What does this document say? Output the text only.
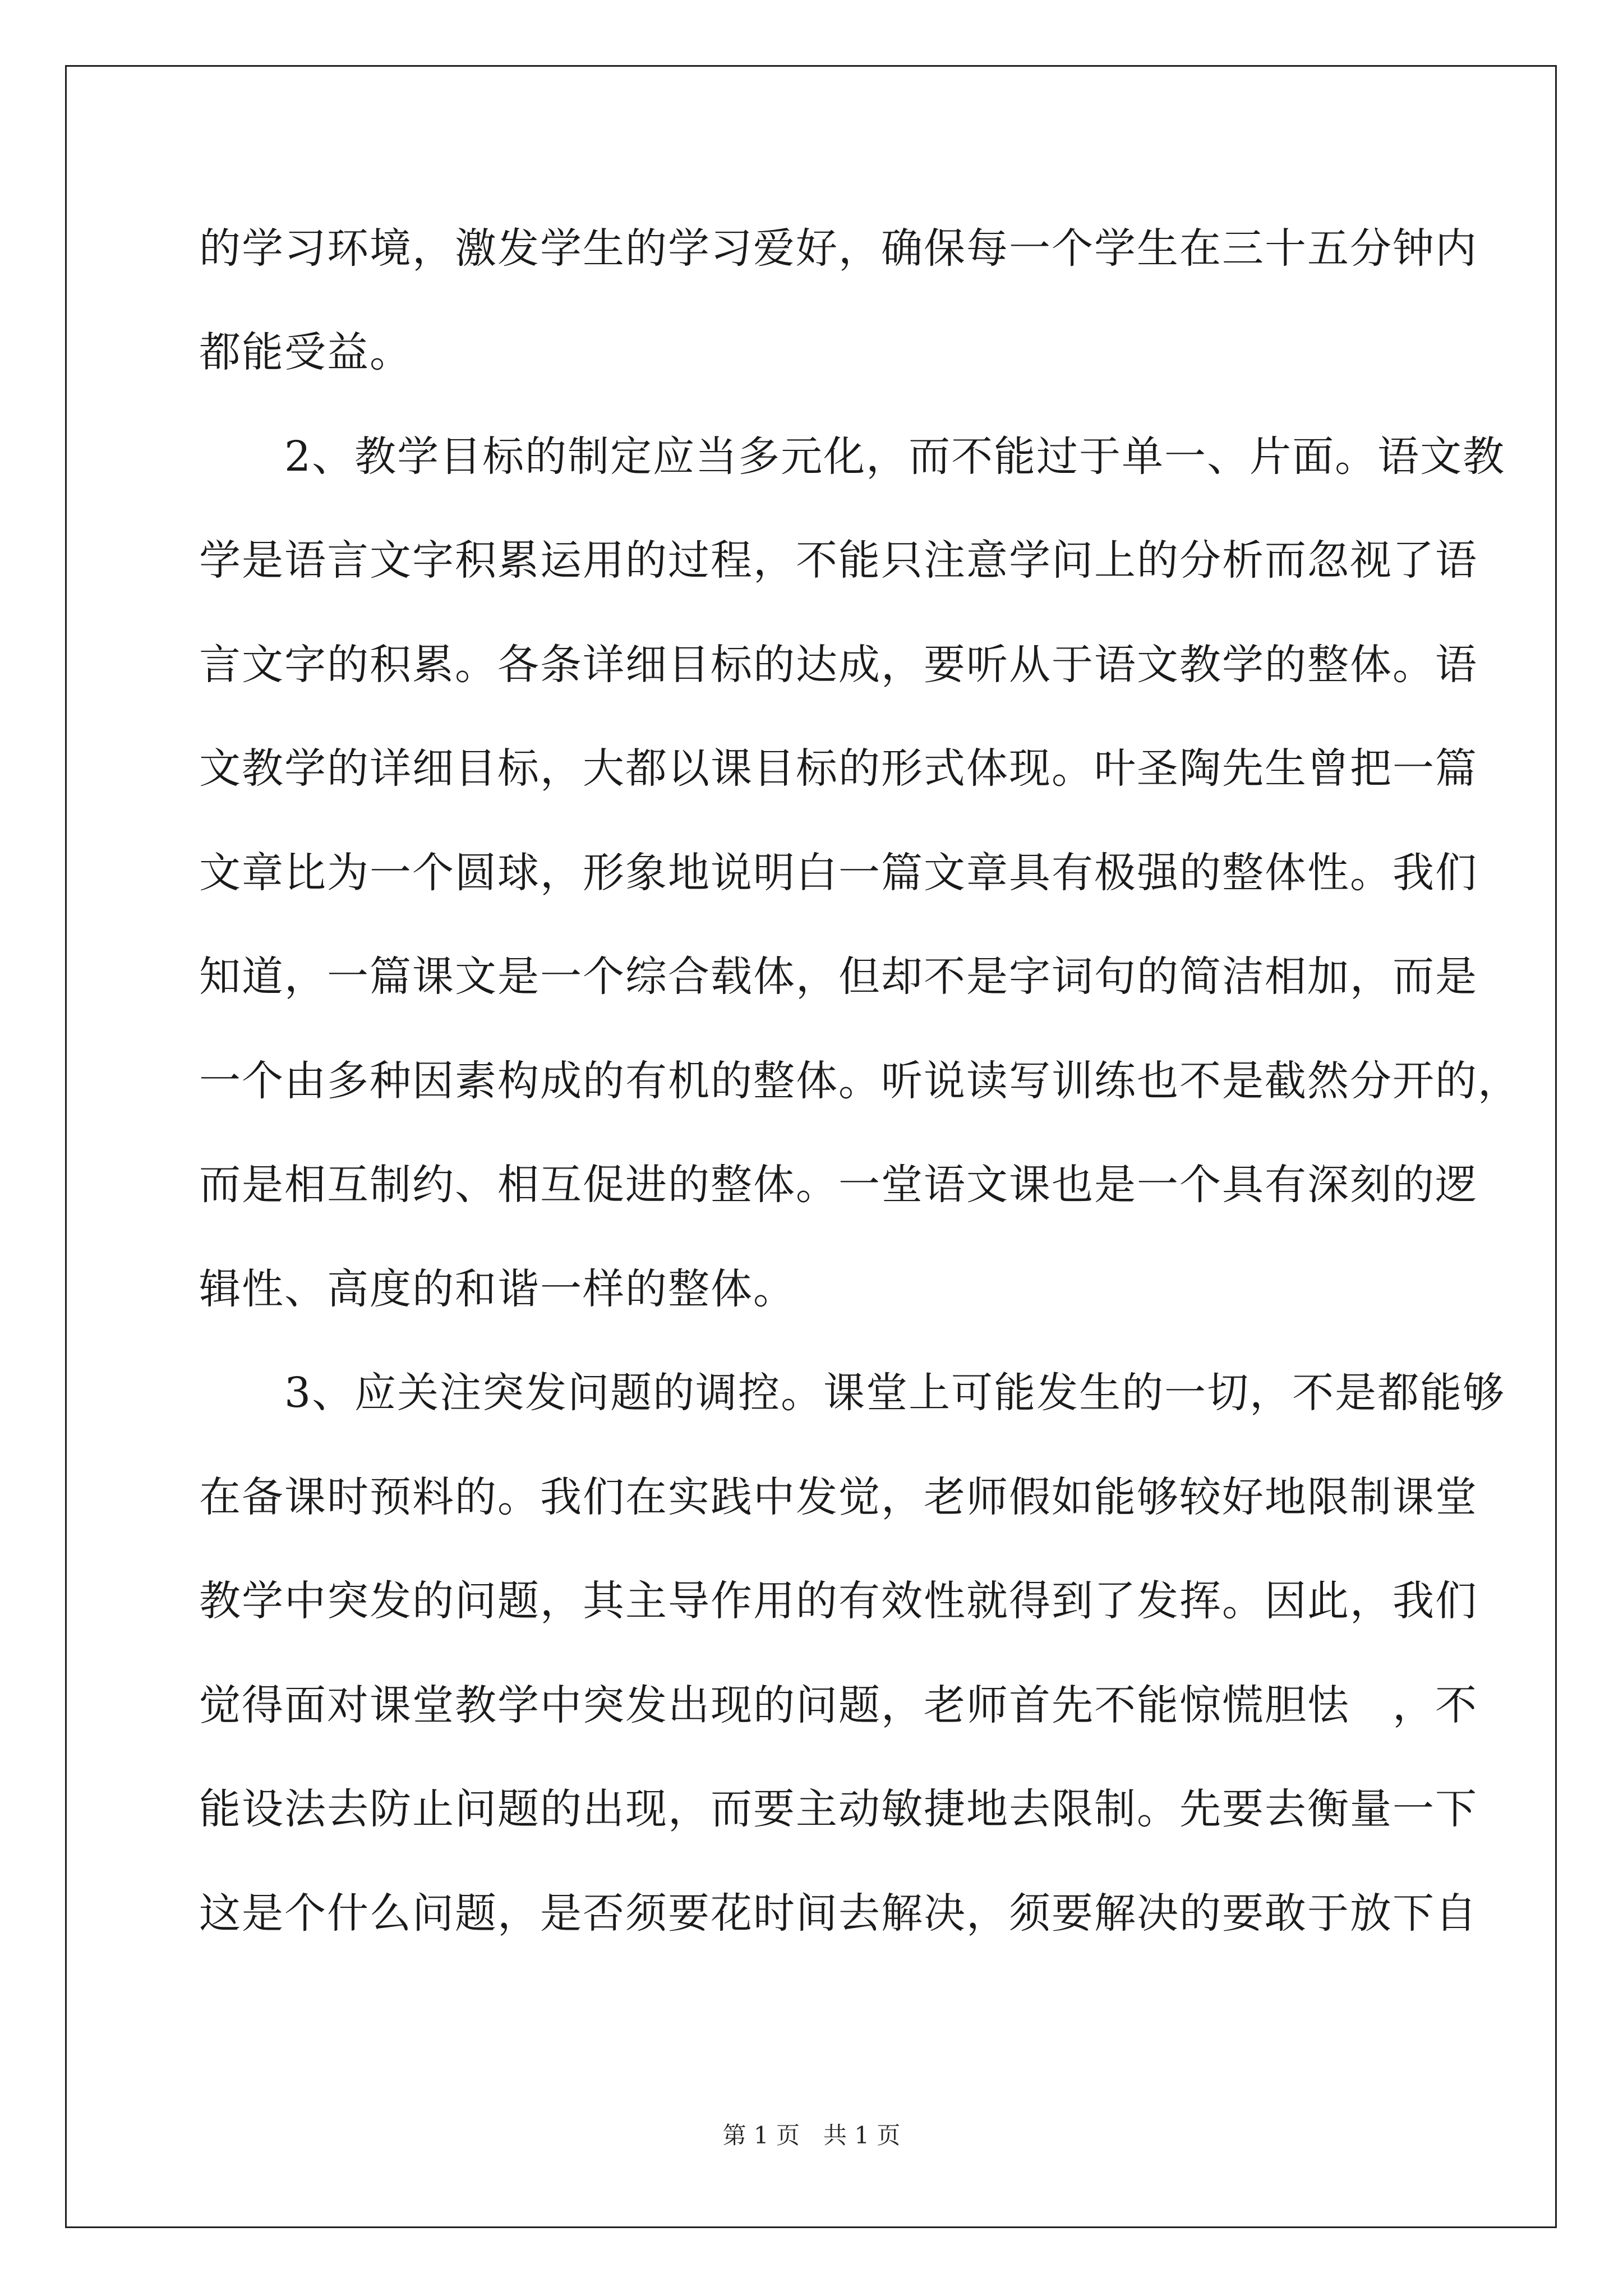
的学习环境，激发学生的学习爱好，确保每一个学生在三十五分钟内
都能受益。
　　2、教学目标的制定应当多元化，而不能过于单一、片面。语文教
学是语言文字积累运用的过程，不能只注意学问上的分析而忽视了语
言文字的积累。各条详细目标的达成，要听从于语文教学的整体。语
文教学的详细目标，大都以课目标的形式体现。叶圣陶先生曾把一篇
文章比为一个圆球，形象地说明白一篇文章具有极强的整体性。我们
知道，一篇课文是一个综合载体，但却不是字词句的简洁相加，而是
一个由多种因素构成的有机的整体。听说读写训练也不是截然分开的，
而是相互制约、相互促进的整体。一堂语文课也是一个具有深刻的逻
辑性、高度的和谐一样的整体。
　　3、应关注突发问题的调控。课堂上可能发生的一切，不是都能够
在备课时预料的。我们在实践中发觉，老师假如能够较好地限制课堂
教学中突发的问题，其主导作用的有效性就得到了发挥。因此，我们
觉得面对课堂教学中突发出现的问题，老师首先不能惊慌胆怯　，不
能设法去防止问题的出现，而要主动敏捷地去限制。先要去衡量一下
这是个什么问题，是否须要花时间去解决，须要解决的要敢于放下自
第 1 页　共 1 页
